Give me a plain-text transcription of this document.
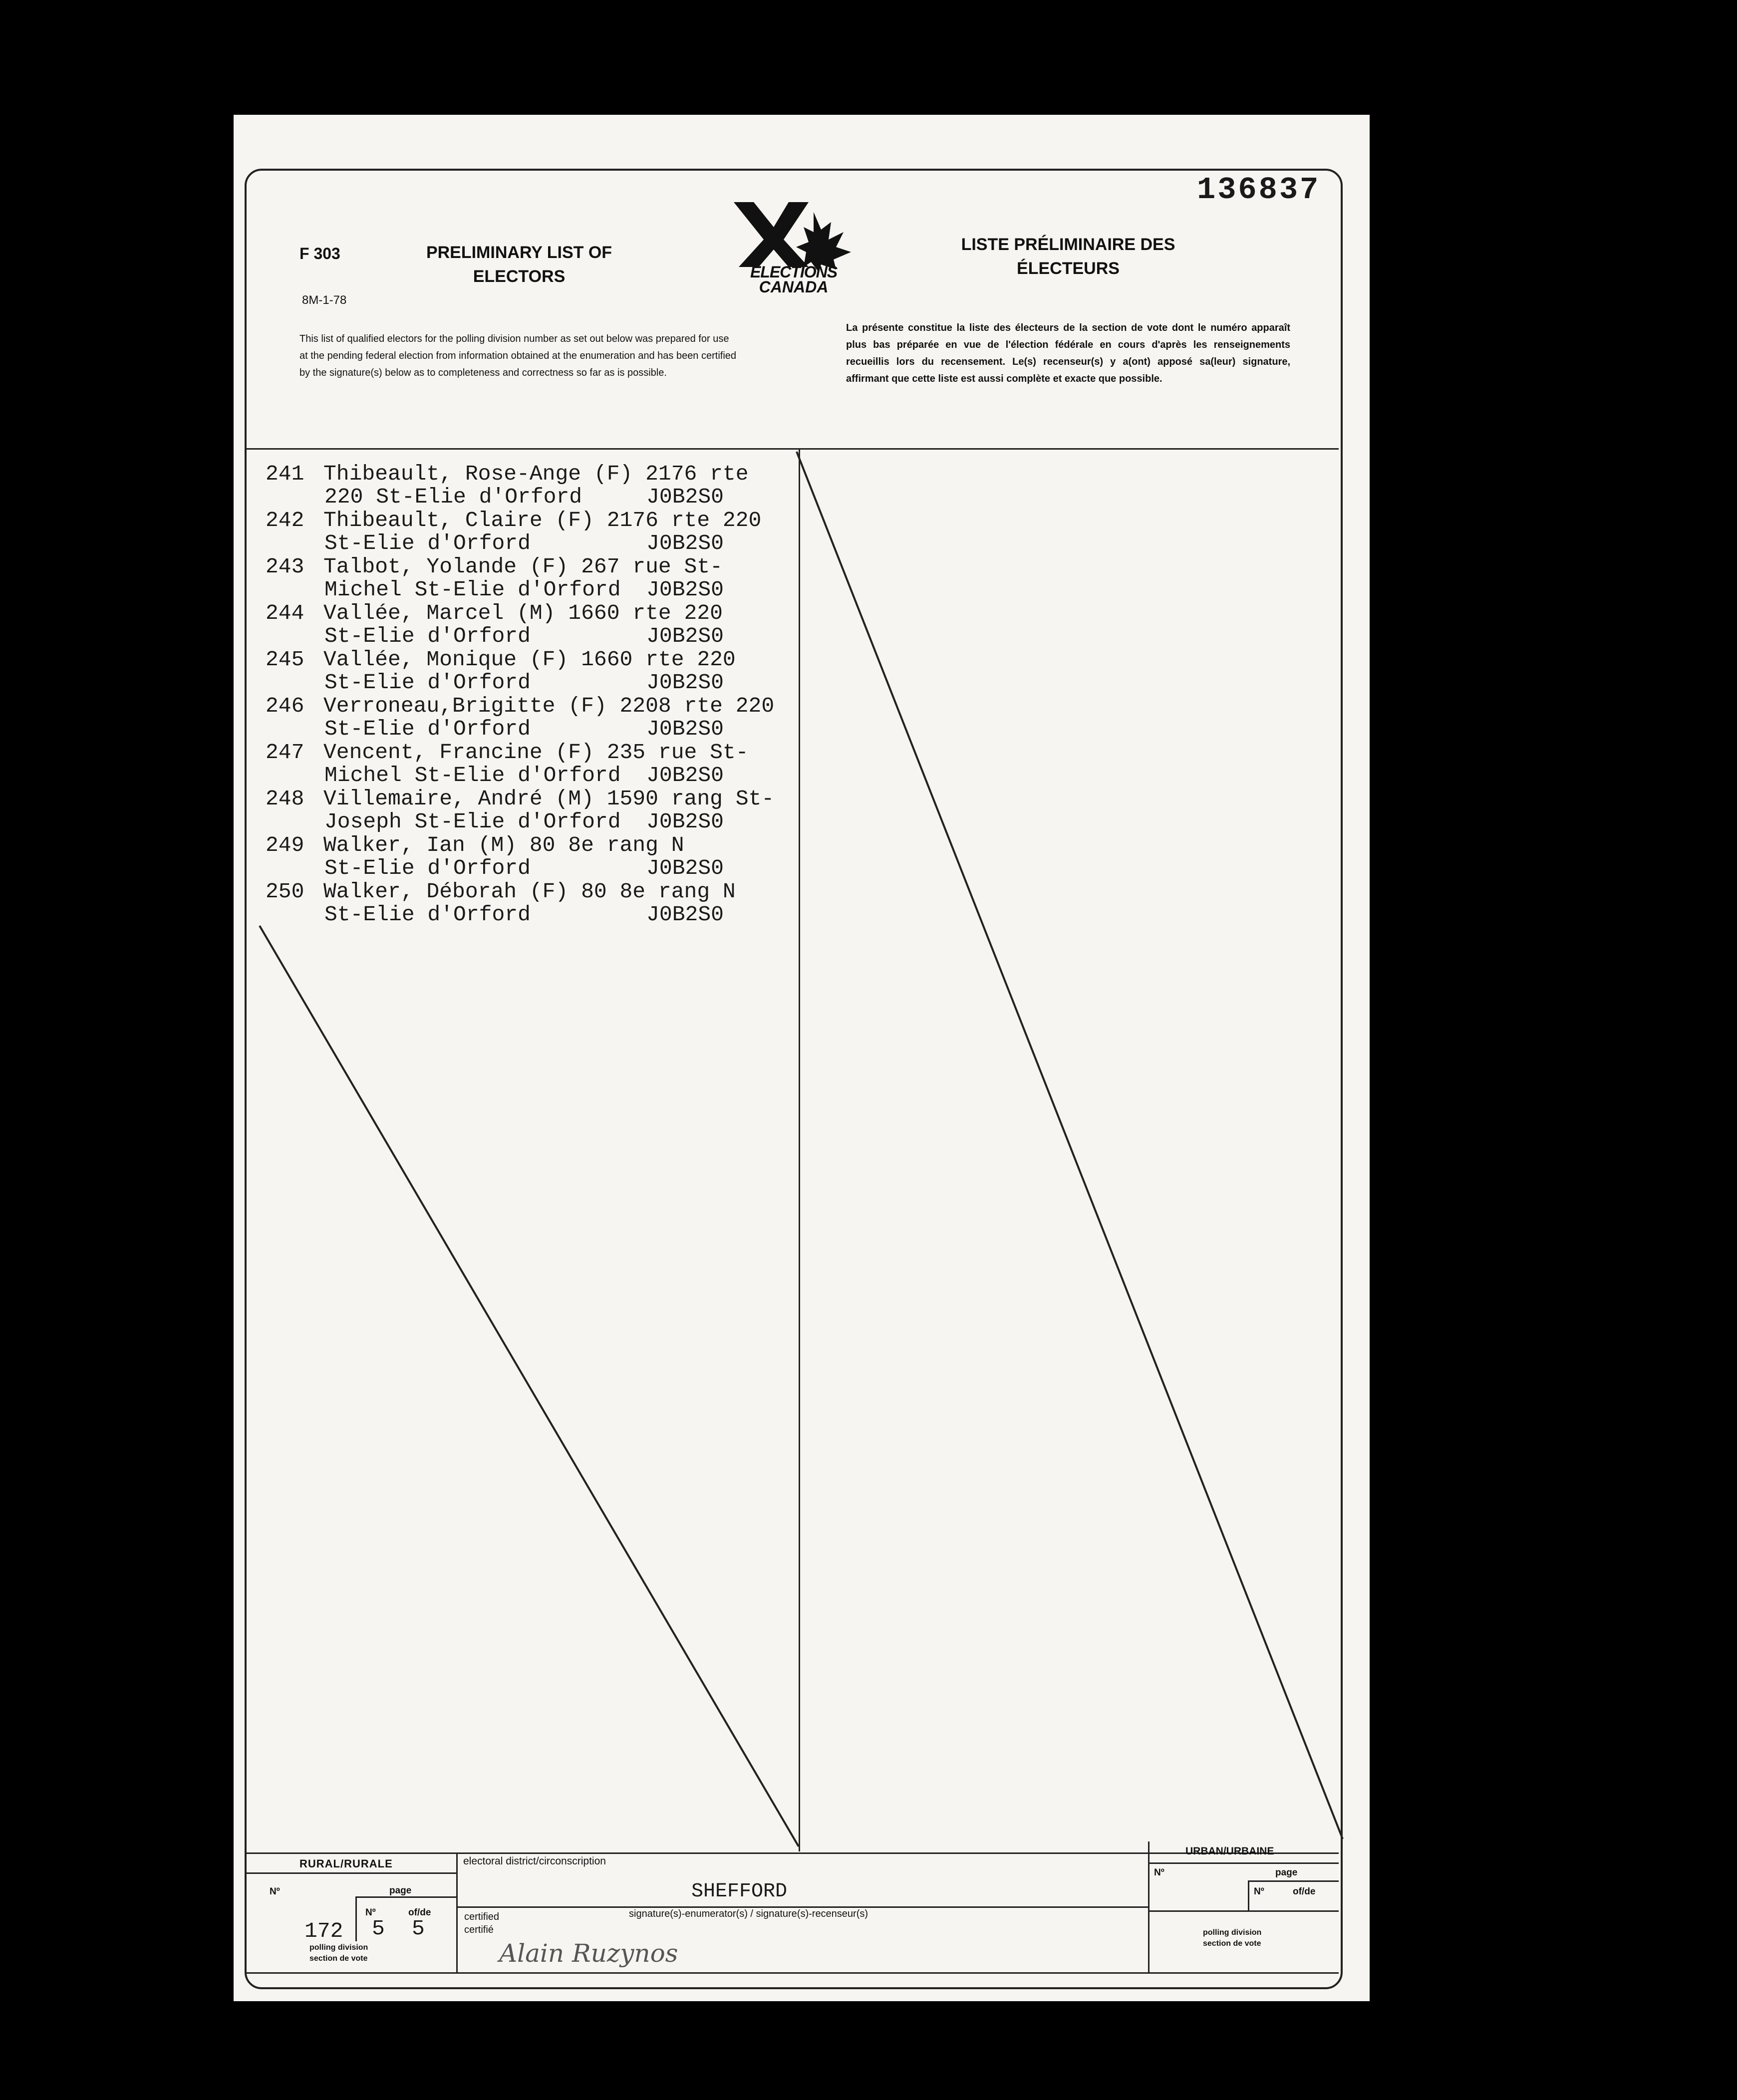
136837
F 303
8M-1-78
PRELIMINARY LIST OF ELECTORS
LISTE PRÉLIMINAIRE DES ÉLECTEURS
ELECTIONS
CANADA
This list of qualified electors for the polling division number as set out below was prepared for use at the pending federal election from information obtained at the enumeration and has been certified by the signature(s) below as to completeness and correctness so far as is possible.
La présente constitue la liste des électeurs de la section de vote dont le numéro apparaît plus bas préparée en vue de l'élection fédérale en cours d'après les renseignements recueillis lors du recensement. Le(s) recenseur(s) y a(ont) apposé sa(leur) signature, affirmant que cette liste est aussi complète et exacte que possible.
241 Thibeault, Rose-Ange (F) 2176 rte
220 St-Elie d'Orford     J0B2S0
242 Thibeault, Claire (F) 2176 rte 220
St-Elie d'Orford         J0B2S0
243 Talbot, Yolande (F) 267 rue St-
Michel St-Elie d'Orford  J0B2S0
244 Vallée, Marcel (M) 1660 rte 220
St-Elie d'Orford         J0B2S0
245 Vallée, Monique (F) 1660 rte 220
St-Elie d'Orford         J0B2S0
246 Verroneau,Brigitte (F) 2208 rte 220
St-Elie d'Orford         J0B2S0
247 Vencent, Francine (F) 235 rue St-
Michel St-Elie d'Orford  J0B2S0
248 Villemaire, André (M) 1590 rang St-
Joseph St-Elie d'Orford  J0B2S0
249 Walker, Ian (M) 80 8e rang N
St-Elie d'Orford         J0B2S0
250 Walker, Déborah (F) 80 8e rang N
St-Elie d'Orford         J0B2S0
RURAL/RURALE
Nº	page
Nº	of/de
172 5 5
polling division
section de vote
electoral district/circonscription
SHEFFORD
certified
certifié
signature(s)-enumerator(s) / signature(s)-recenseur(s)
Alain Ruzynos
URBAN/URBAINE
Nº	page
Nº	of/de
polling division
section de vote
